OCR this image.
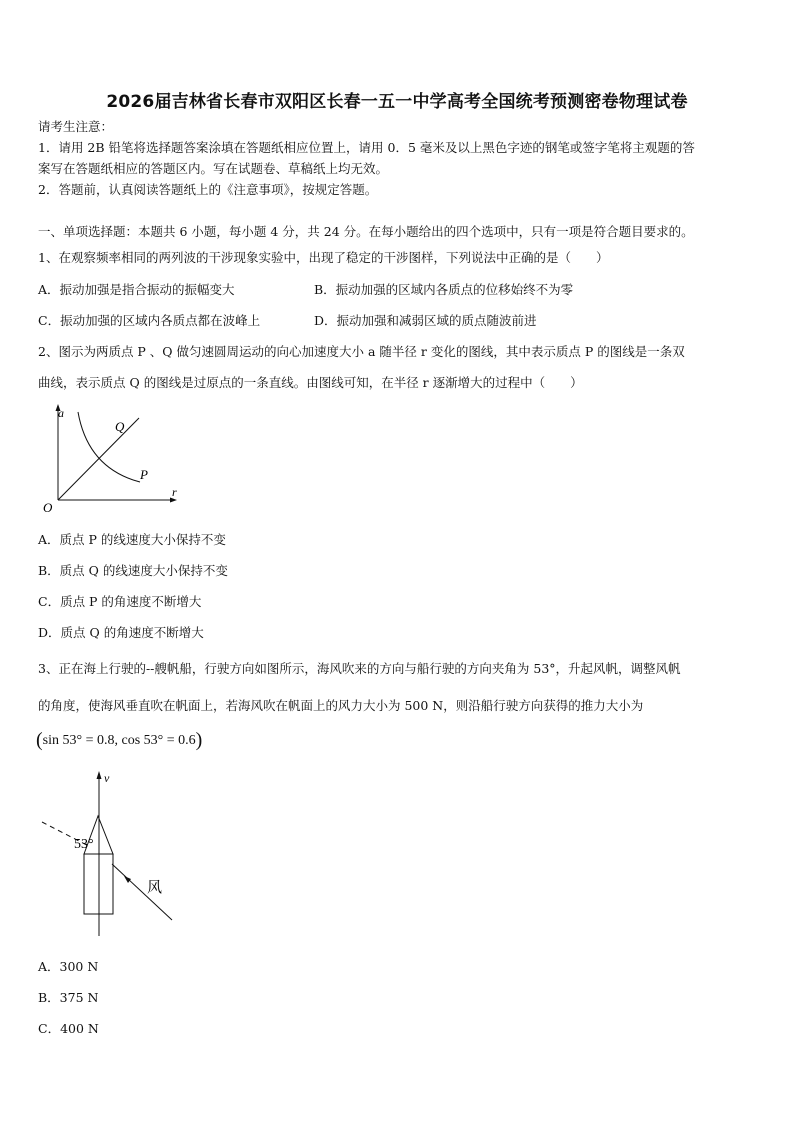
2026届吉林省长春市双阳区长春一五一中学高考全国统考预测密卷物理试卷
请考生注意：
1．请用 2B 铅笔将选择题答案涂填在答题纸相应位置上，请用 0．5 毫米及以上黑色字迹的钢笔或签字笔将主观题的答
案写在答题纸相应的答题区内。写在试题卷、草稿纸上均无效。
2．答题前，认真阅读答题纸上的《注意事项》，按规定答题。
一、单项选择题：本题共 6 小题，每小题 4 分，共 24 分。在每小题给出的四个选项中，只有一项是符合题目要求的。
1、在观察频率相同的两列波的干涉现象实验中，出现了稳定的干涉图样，下列说法中正确的是（　　）
A．振动加强是指合振动的振幅变大	B．振动加强的区域内各质点的位移始终不为零
C．振动加强的区域内各质点都在波峰上	D．振动加强和减弱区域的质点随波前进
2、图示为两质点 P 、Q 做匀速圆周运动的向心加速度大小 a 随半径 r 变化的图线，其中表示质点 P 的图线是一条双
曲线，表示质点 Q 的图线是过原点的一条直线。由图线可知，在半径 r 逐渐增大的过程中（　　）
a
r
O
Q
P
A．质点 P 的线速度大小保持不变
B．质点 Q 的线速度大小保持不变
C．质点 P 的角速度不断增大
D．质点 Q 的角速度不断增大
3、正在海上行驶的--艘帆船，行驶方向如图所示，海风吹来的方向与船行驶的方向夹角为 53°，升起风帆，调整风帆
的角度，使海风垂直吹在帆面上，若海风吹在帆面上的风力大小为 500 N，则沿船行驶方向获得的推力大小为
(sin 53° = 0.8, cos 53° = 0.6)
v
53°
风
A．300 N
B．375 N
C．400 N
